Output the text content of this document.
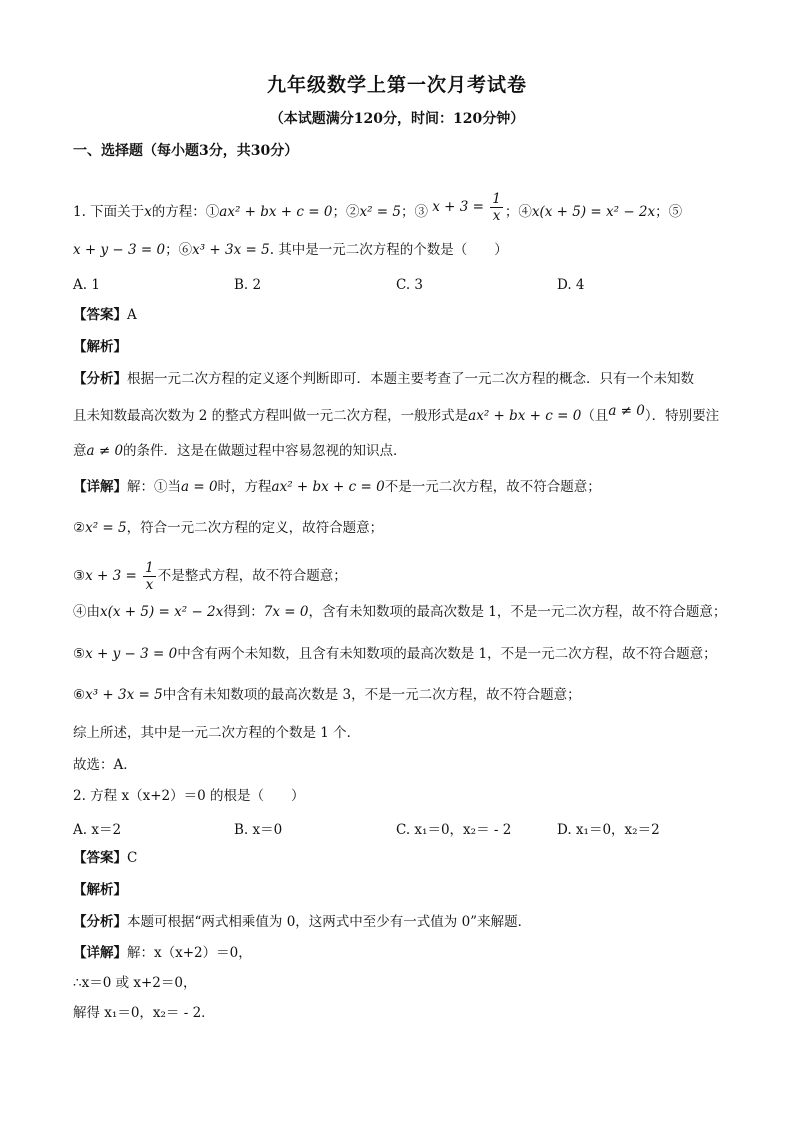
九年级数学上第一次月考试卷
（本试题满分120分，时间：120分钟）
一、选择题（每小题3分，共30分）
1. 下面关于x的方程：①ax² + bx + c = 0；②x² = 5；③ $x + 3 = \frac{1}{x}$ ；④x(x + 5) = x² − 2x；⑤
x + y − 3 = 0；⑥x³ + 3x = 5. 其中是一元二次方程的个数是（　　）
A. 1	B. 2	C. 3	D. 4
【答案】A
【解析】
【分析】根据一元二次方程的定义逐个判断即可．本题主要考查了一元二次方程的概念．只有一个未知数
且未知数最高次数为 2 的整式方程叫做一元二次方程，一般形式是ax² + bx + c = 0（且a ≠ 0）．特别要注
意a ≠ 0的条件．这是在做题过程中容易忽视的知识点．
【详解】解：①当a = 0时，方程ax² + bx + c = 0不是一元二次方程，故不符合题意；
②x² = 5，符合一元二次方程的定义，故符合题意；
③x + $3 = \frac{1}{x}$ 不是整式方程，故不符合题意；
④由x(x + 5) = x² − 2x得到：7x = 0，含有未知数项的最高次数是 1，不是一元二次方程，故不符合题意；
⑤x + y − 3 = 0中含有两个未知数，且含有未知数项的最高次数是 1，不是一元二次方程，故不符合题意；
⑥x³ + 3x = 5中含有未知数项的最高次数是 3，不是一元二次方程，故不符合题意；
综上所述，其中是一元二次方程的个数是 1 个．
故选：A．
2. 方程 x（x+2）＝0 的根是（　　）
A. x＝2	B. x＝0	C. x₁＝0，x₂＝ - 2	D. x₁＝0，x₂＝2
【答案】C
【解析】
【分析】本题可根据“两式相乘值为 0，这两式中至少有一式值为 0”来解题．
【详解】解：x（x+2）＝0，
∴x＝0 或 x+2＝0，
解得 x₁＝0，x₂＝ - 2．
